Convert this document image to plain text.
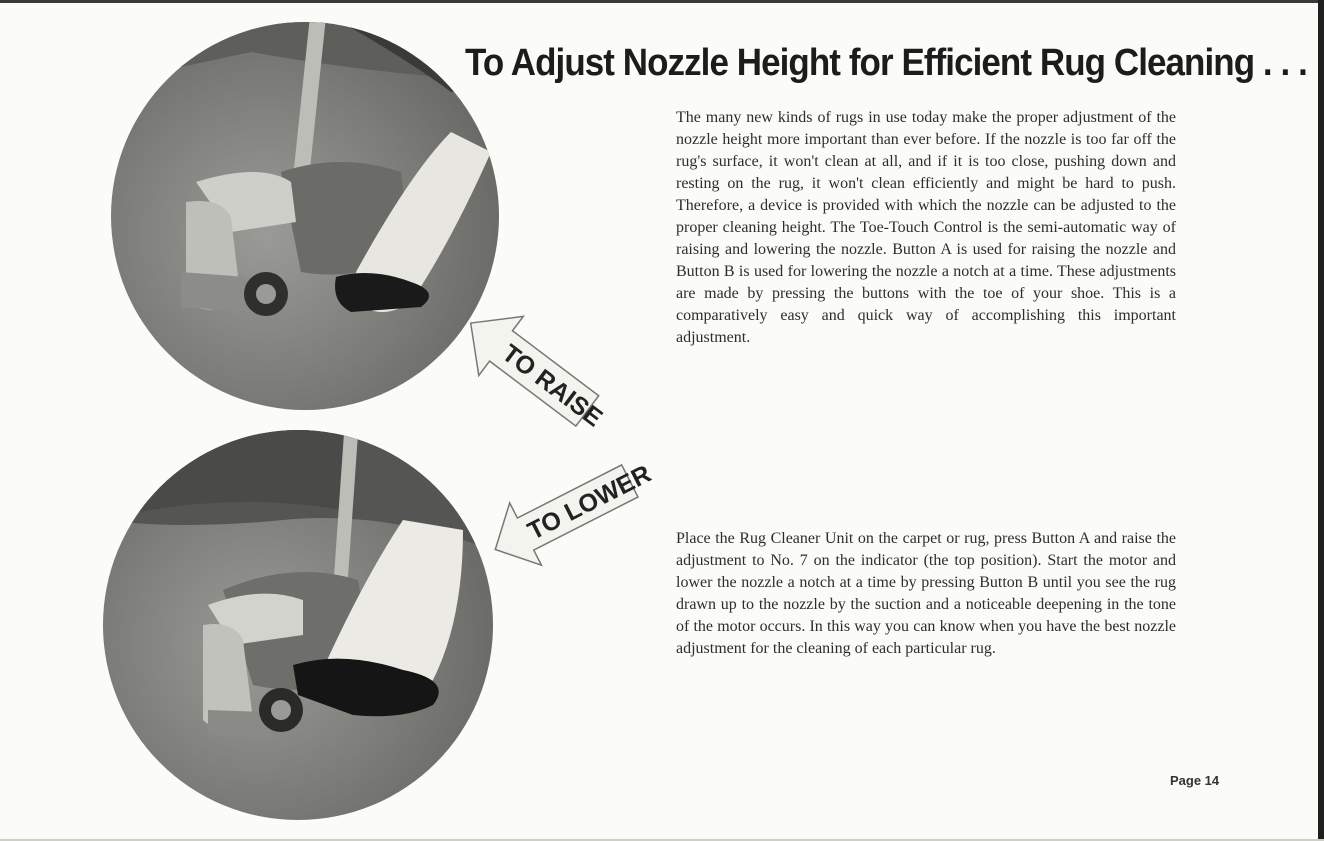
TO RAISE
TO LOWER
To Adjust Nozzle Height for Efficient Rug Cleaning . . .

The many new kinds of rugs in use today make the proper adjustment of the nozzle height more important than ever before. If the nozzle is too far off the rug's surface, it won't clean at all, and if it is too close, pushing down and resting on the rug, it won't clean efficiently and might be hard to push. Therefore, a device is provided with which the nozzle can be adjusted to the proper cleaning height. The Toe-Touch Control is the semi-automatic way of raising and lowering the nozzle. Button A is used for raising the nozzle and Button B is used for lowering the nozzle a notch at a time. These adjustments are made by pressing the buttons with the toe of your shoe. This is a comparatively easy and quick way of accomplishing this important adjustment.

Place the Rug Cleaner Unit on the carpet or rug, press Button A and raise the adjustment to No. 7 on the indicator (the top position). Start the motor and lower the nozzle a notch at a time by pressing Button B until you see the rug drawn up to the nozzle by the suction and a noticeable deepening in the tone of the motor occurs. In this way you can know when you have the best nozzle adjustment for the cleaning of each particular rug.

Page 14
